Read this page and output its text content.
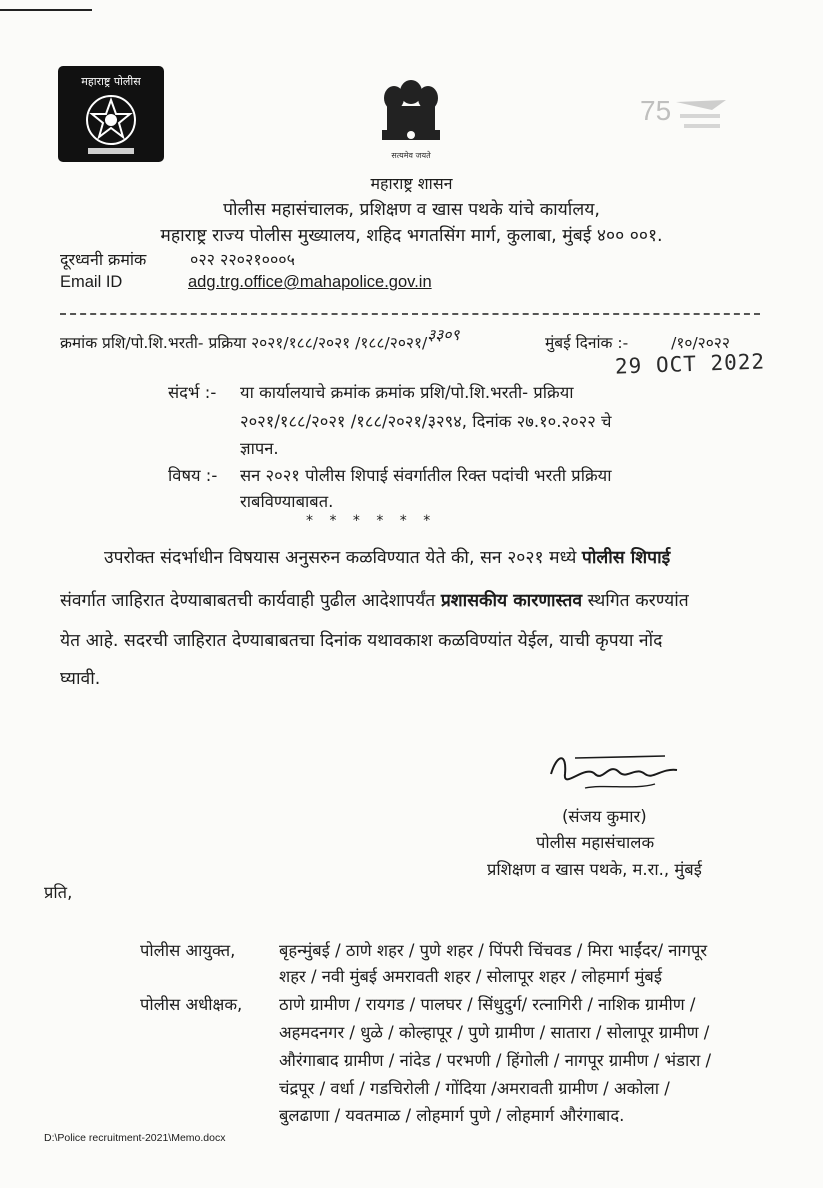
महाराष्ट्र पोलीस
सत्यमेव जयते
75
महाराष्ट्र शासन
पोलीस महासंचालक, प्रशिक्षण व खास पथके यांचे कार्यालय,
महाराष्ट्र राज्य पोलीस मुख्यालय, शहिद भगतसिंग मार्ग, कुलाबा, मुंबई ४०० ००१.
दूरध्वनी क्रमांक	०२२ २२०२१०००५
Email ID	adg.trg.office@mahapolice.gov.in
क्रमांक प्रशि/पो.शि.भरती- प्रक्रिया २०२१/१८८/२०२१ /१८८/२०२१/३३०९	मुंबई दिनांक :-	/१०/२०२२
29 OCT 2022
संदर्भ :- या कार्यालयाचे क्रमांक क्रमांक प्रशि/पो.शि.भरती- प्रक्रिया
२०२१/१८८/२०२१ /१८८/२०२१/३२९४, दिनांक २७.१०.२०२२ चे
ज्ञापन.
विषय :- सन २०२१ पोलीस शिपाई संवर्गातील रिक्त पदांची भरती प्रक्रिया
राबविण्याबाबत.
* * * * * *
उपरोक्त संदर्भाधीन विषयास अनुसरुन कळविण्यात येते की, सन २०२१ मध्ये पोलीस शिपाई
संवर्गात जाहिरात देण्याबाबतची कार्यवाही पुढील आदेशापर्यंत प्रशासकीय कारणास्तव स्थगित करण्यांत
येत आहे. सदरची जाहिरात देण्याबाबतचा दिनांक यथावकाश कळविण्यांत येईल, याची कृपया नोंद
घ्यावी.
(संजय कुमार)
पोलीस महासंचालक
प्रशिक्षण व खास पथके, म.रा., मुंबई
प्रति,
पोलीस आयुक्त,	बृहन्मुंबई / ठाणे शहर / पुणे शहर / पिंपरी चिंचवड / मिरा भाईंदर/ नागपूर
शहर / नवी मुंबई अमरावती शहर / सोलापूर शहर / लोहमार्ग मुंबई
पोलीस अधीक्षक, ठाणे ग्रामीण / रायगड / पालघर / सिंधुदुर्ग/ रत्नागिरी / नाशिक ग्रामीण /
अहमदनगर / धुळे / कोल्हापूर / पुणे ग्रामीण / सातारा / सोलापूर ग्रामीण /
औरंगाबाद ग्रामीण / नांदेड / परभणी / हिंगोली / नागपूर ग्रामीण / भंडारा /
चंद्रपूर / वर्धा / गडचिरोली / गोंदिया /अमरावती ग्रामीण / अकोला /
बुलढाणा / यवतमाळ / लोहमार्ग पुणे / लोहमार्ग औरंगाबाद.
D:\Police recruitment-2021\Memo.docx
